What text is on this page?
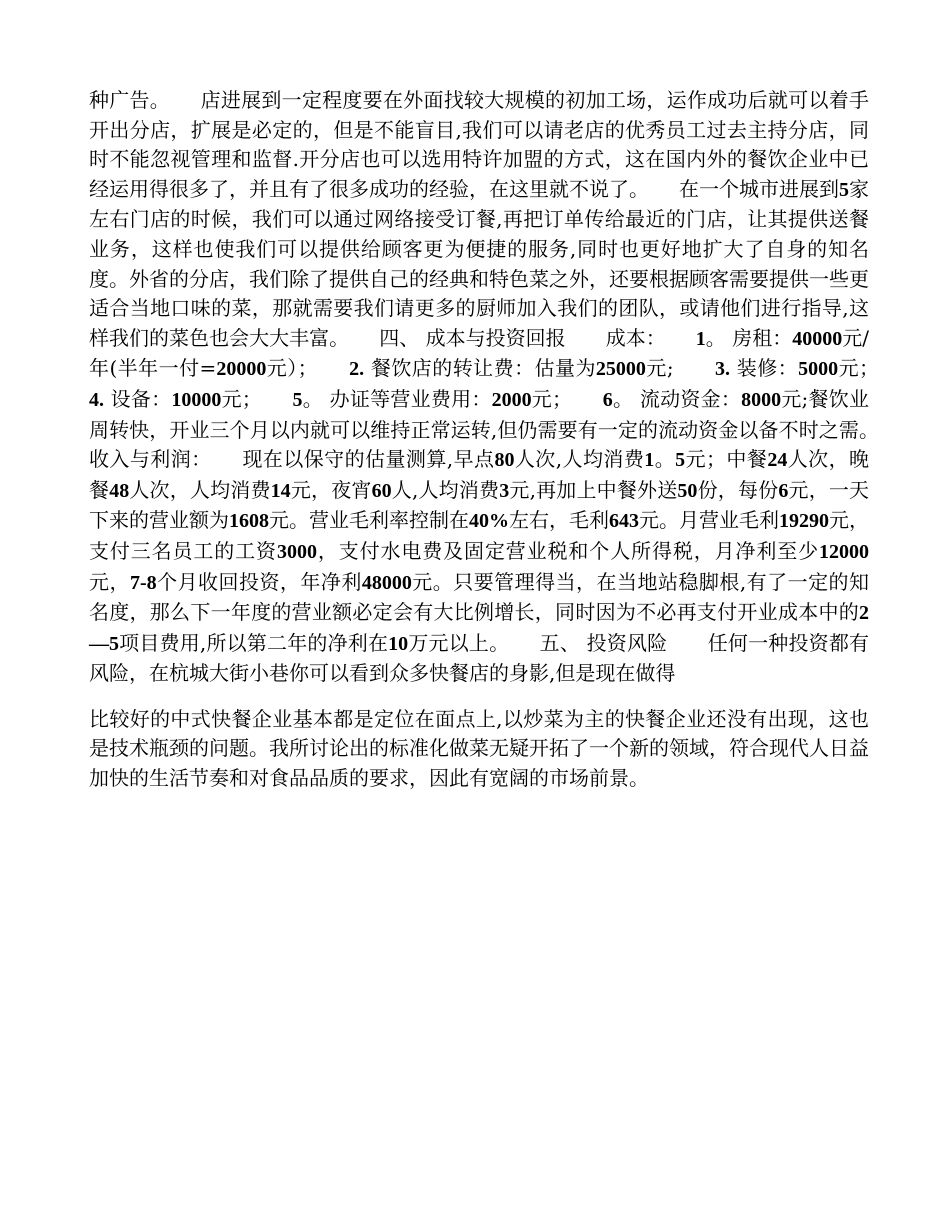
种广告。　　店进展到一定程度要在外面找较大规模的初加工场，运作成功后就可以着手开出分店，扩展是必定的，但是不能盲目,我们可以请老店的优秀员工过去主持分店，同时不能忽视管理和监督.开分店也可以选用特许加盟的方式，这在国内外的餐饮企业中已经运用得很多了，并且有了很多成功的经验，在这里就不说了。　　在一个城市进展到5家左右门店的时候，我们可以通过网络接受订餐,再把订单传给最近的门店，让其提供送餐业务，这样也使我们可以提供给顾客更为便捷的服务,同时也更好地扩大了自身的知名度。外省的分店，我们除了提供自己的经典和特色菜之外，还要根据顾客需要提供一些更适合当地口味的菜，那就需要我们请更多的厨师加入我们的团队，或请他们进行指导,这样我们的菜色也会大大丰富。　　四、 成本与投资回报　　成本：　　1。 房租：40000元/年(半年一付=20000元）；　　2. 餐饮店的转让费：估量为25000元;　　3. 装修：5000元；　　4. 设备：10000元；　　5。 办证等营业费用：2000元；　　6。 流动资金：8000元;餐饮业周转快，开业三个月以内就可以维持正常运转,但仍需要有一定的流动资金以备不时之需。　　收入与利润：　　现在以保守的估量测算,早点80人次,人均消费1。5元；中餐24人次，晚餐48人次，人均消费14元，夜宵60人,人均消费3元,再加上中餐外送50份，每份6元，一天下来的营业额为1608元。营业毛利率控制在40%左右，毛利643元。月营业毛利19290元，支付三名员工的工资3000，支付水电费及固定营业税和个人所得税，月净利至少12000元，7-8个月收回投资，年净利48000元。只要管理得当，在当地站稳脚根,有了一定的知名度，那么下一年度的营业额必定会有大比例增长，同时因为不必再支付开业成本中的2—5项目费用,所以第二年的净利在10万元以上。　　五、 投资风险　　任何一种投资都有风险，在杭城大街小巷你可以看到众多快餐店的身影,但是现在做得

比较好的中式快餐企业基本都是定位在面点上,以炒菜为主的快餐企业还没有出现，这也是技术瓶颈的问题。我所讨论出的标准化做菜无疑开拓了一个新的领域，符合现代人日益加快的生活节奏和对食品品质的要求，因此有宽阔的市场前景。
